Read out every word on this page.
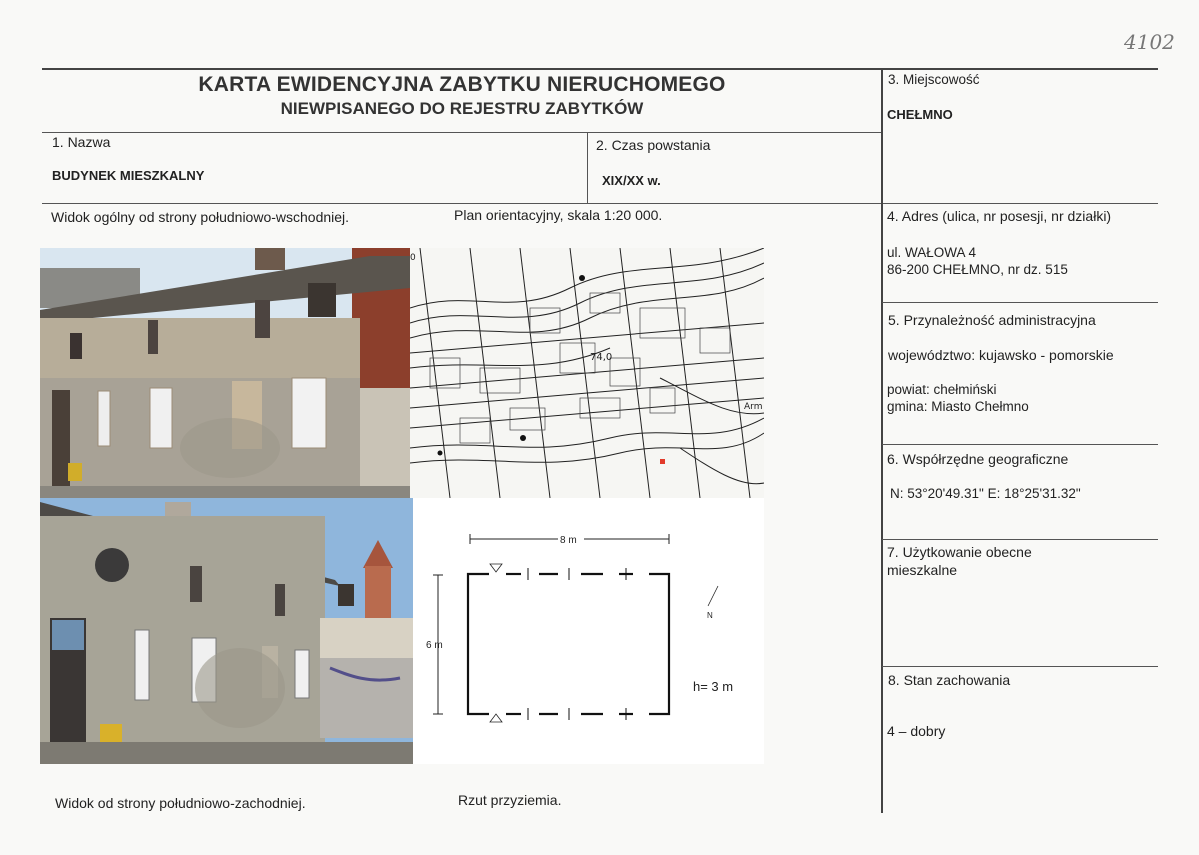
4102
KARTA EWIDENCYJNA ZABYTKU NIERUCHOMEGO
NIEWPISANEGO DO REJESTRU ZABYTKÓW
1. Nazwa
BUDYNEK MIESZKALNY
2. Czas powstania
XIX/XX w.
3. Miejscowość
CHEŁMNO
4. Adres (ulica, nr posesji, nr działki)
ul. WAŁOWA 4
86-200 CHEŁMNO, nr dz. 515
5. Przynależność administracyjna
województwo: kujawsko - pomorskie
powiat: chełmiński
gmina: Miasto Chełmno
6. Współrzędne geograficzne
N: 53°20'49.31" E: 18°25'31.32"
7. Użytkowanie obecne
mieszkalne
8. Stan zachowania
4 – dobry
Widok ogólny od strony południowo-wschodniej.	Plan orientacyjny, skala 1:20 000.
Widok od strony południowo-zachodniej.	Rzut przyziemia.
74,0
Arm
0
8 m
6 m
h= 3 m
N
